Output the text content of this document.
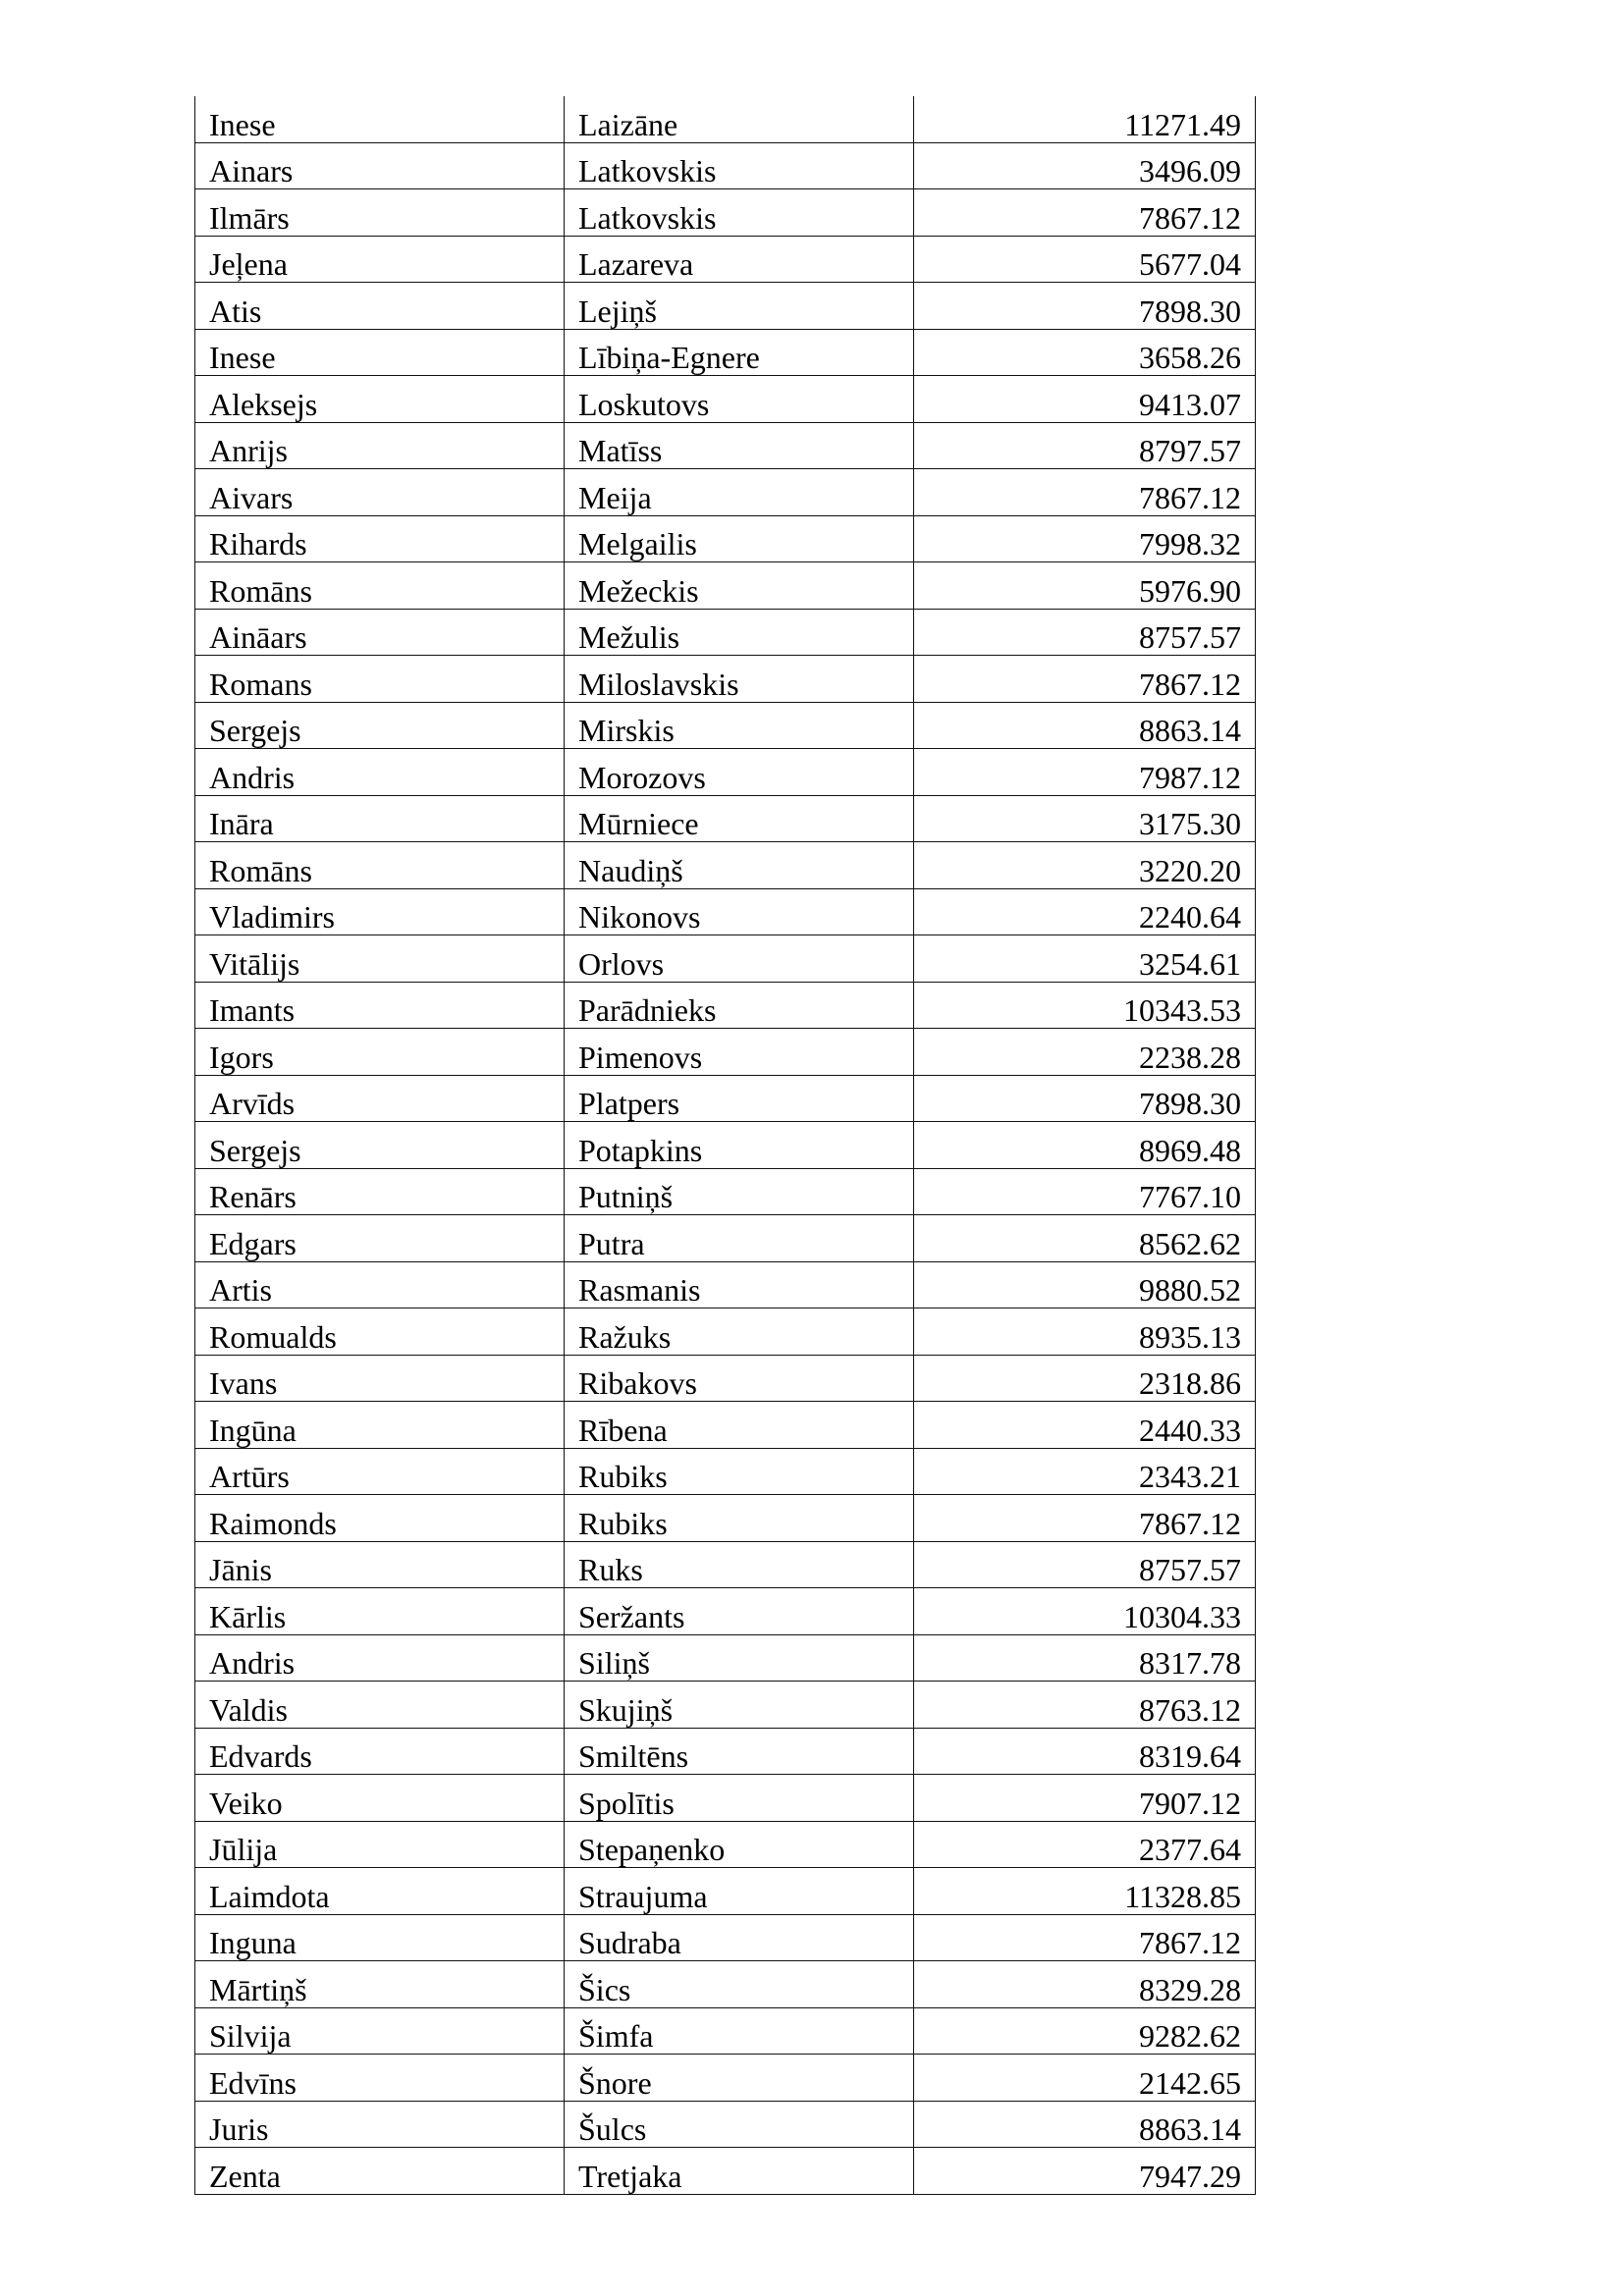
Inese	Laizāne	11271.49
Ainars	Latkovskis	3496.09
Ilmārs	Latkovskis	7867.12
Jeļena	Lazareva	5677.04
Atis	Lejiņš	7898.30
Inese	Lībiņa-Egnere	3658.26
Aleksejs	Loskutovs	9413.07
Anrijs	Matīss	8797.57
Aivars	Meija	7867.12
Rihards	Melgailis	7998.32
Romāns	Mežeckis	5976.90
Aināars	Mežulis	8757.57
Romans	Miloslavskis	7867.12
Sergejs	Mirskis	8863.14
Andris	Morozovs	7987.12
Ināra	Mūrniece	3175.30
Romāns	Naudiņš	3220.20
Vladimirs	Nikonovs	2240.64
Vitālijs	Orlovs	3254.61
Imants	Parādnieks	10343.53
Igors	Pimenovs	2238.28
Arvīds	Platpers	7898.30
Sergejs	Potapkins	8969.48
Renārs	Putniņš	7767.10
Edgars	Putra	8562.62
Artis	Rasmanis	9880.52
Romualds	Ražuks	8935.13
Ivans	Ribakovs	2318.86
Ingūna	Rībena	2440.33
Artūrs	Rubiks	2343.21
Raimonds	Rubiks	7867.12
Jānis	Ruks	8757.57
Kārlis	Seržants	10304.33
Andris	Siliņš	8317.78
Valdis	Skujiņš	8763.12
Edvards	Smiltēns	8319.64
Veiko	Spolītis	7907.12
Jūlija	Stepaņenko	2377.64
Laimdota	Straujuma	11328.85
Inguna	Sudraba	7867.12
Mārtiņš	Šics	8329.28
Silvija	Šimfa	9282.62
Edvīns	Šnore	2142.65
Juris	Šulcs	8863.14
Zenta	Tretjaka	7947.29
